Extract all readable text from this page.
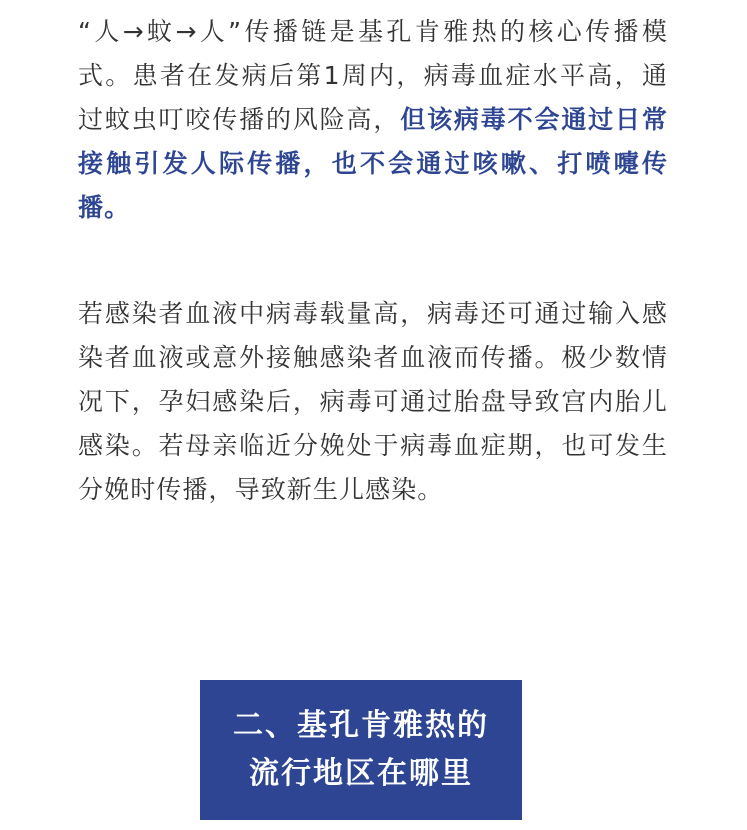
“人→蚊→人”传播链是基孔肯雅热的核心传播模式。患者在发病后第1周内，病毒血症水平高，通过蚊虫叮咬传播的风险高，但该病毒不会通过日常接触引发人际传播，也不会通过咳嗽、打喷嚏传播。

若感染者血液中病毒载量高，病毒还可通过输入感染者血液或意外接触感染者血液而传播。极少数情况下，孕妇感染后，病毒可通过胎盘导致宫内胎儿感染。若母亲临近分娩处于病毒血症期，也可发生分娩时传播，导致新生儿感染。

二、基孔肯雅热的
流行地区在哪里
